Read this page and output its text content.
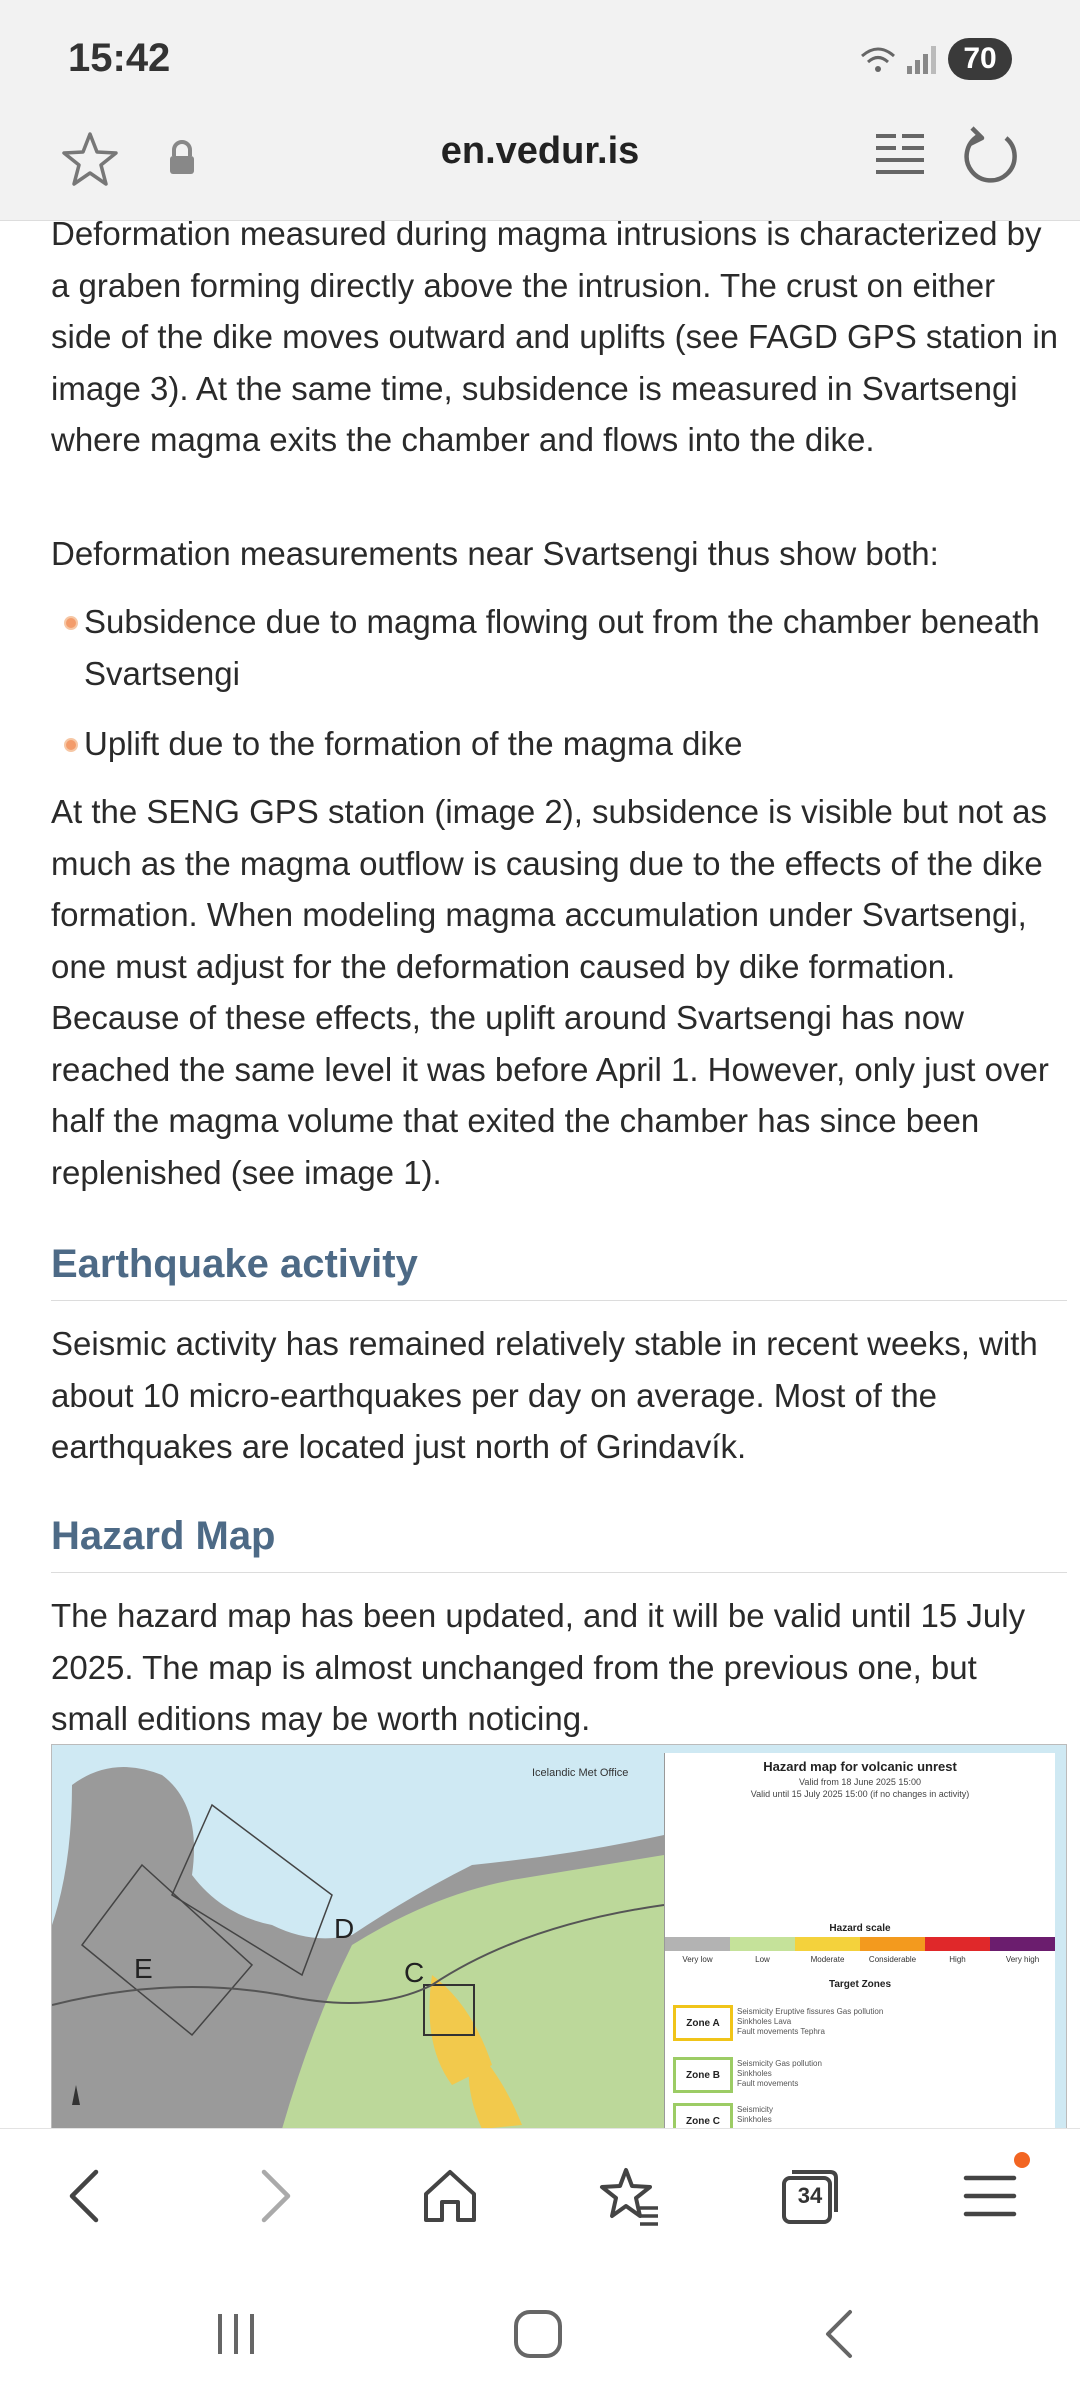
15:42	70
en.vedur.is

Deformation measured during magma intrusions is characterized by a graben forming directly above the intrusion. The crust on either side of the dike moves outward and uplifts (see FAGD GPS station in image 3). At the same time, subsidence is measured in Svartsengi where magma exits the chamber and flows into the dike.

Deformation measurements near Svartsengi thus show both:

Subsidence due to magma flowing out from the chamber beneath Svartsengi
Uplift due to the formation of the magma dike

At the SENG GPS station (image 2), subsidence is visible but not as much as the magma outflow is causing due to the effects of the dike formation. When modeling magma accumulation under Svartsengi, one must adjust for the deformation caused by dike formation. Because of these effects, the uplift around Svartsengi has now reached the same level it was before April 1. However, only just over half the magma volume that exited the chamber has since been replenished (see image 1).

Earthquake activity

Seismic activity has remained relatively stable in recent weeks, with about 10 micro-earthquakes per day on average. Most of the earthquakes are located just north of Grindavík.

Hazard Map

The hazard map has been updated, and it will be valid until 15 July 2025. The map is almost unchanged from the previous one, but small editions may be worth noticing.

D
E	C
Icelandic Met Office	Hazard map for volcanic unrest
Valid from 18 June 2025 15:00
Valid until 15 July 2025 15:00 (if no changes in activity)
Hazard scale
Very low	Low	Moderate	Considerable	High	Very high
Target Zones
Zone A
Seismicity Eruptive fissures Gas pollution
Sinkholes Lava
Fault movements Tephra
Zone B
Seismicity Gas pollution
Sinkholes
Fault movements
Zone C
Seismicity
Sinkholes
34
